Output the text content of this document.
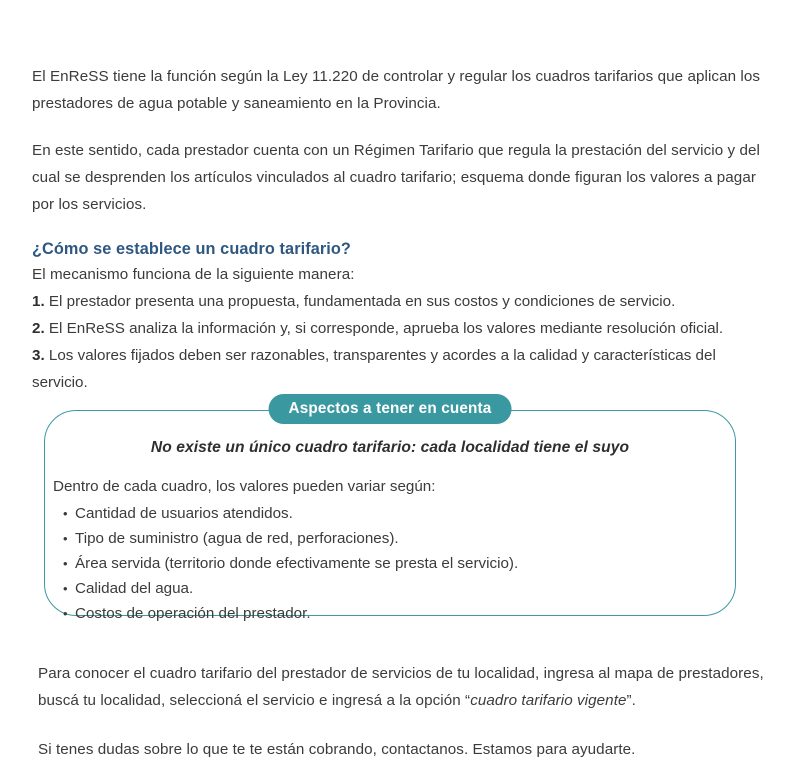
El EnReSS tiene la función según la Ley 11.220 de controlar y regular los cuadros tarifarios que aplican los prestadores de agua potable y saneamiento en la Provincia.

En este sentido, cada prestador cuenta con un Régimen Tarifario que regula la prestación del servicio y del cual se desprenden los artículos vinculados al cuadro tarifario; esquema donde figuran los valores a pagar por los servicios.

¿Cómo se establece un cuadro tarifario?

El mecanismo funciona de la siguiente manera:

1. El prestador presenta una propuesta, fundamentada en sus costos y condiciones de servicio.
2. El EnReSS analiza la información y, si corresponde, aprueba los valores mediante resolución oficial.
3. Los valores fijados deben ser razonables, transparentes y acordes a la calidad y características del servicio.
Aspectos a tener en cuenta

No existe un único cuadro tarifario: cada localidad tiene el suyo

Dentro de cada cuadro, los valores pueden variar según:

• Cantidad de usuarios atendidos.
• Tipo de suministro (agua de red, perforaciones).
• Área servida (territorio donde efectivamente se presta el servicio).
• Calidad del agua.
• Costos de operación del prestador.

Para conocer el cuadro tarifario del prestador de servicios de tu localidad, ingresa al mapa de prestadores, buscá tu localidad, seleccioná el servicio e ingresá a la opción “cuadro tarifario vigente”.

Si tenes dudas sobre lo que te te están cobrando, contactanos. Estamos para ayudarte.
